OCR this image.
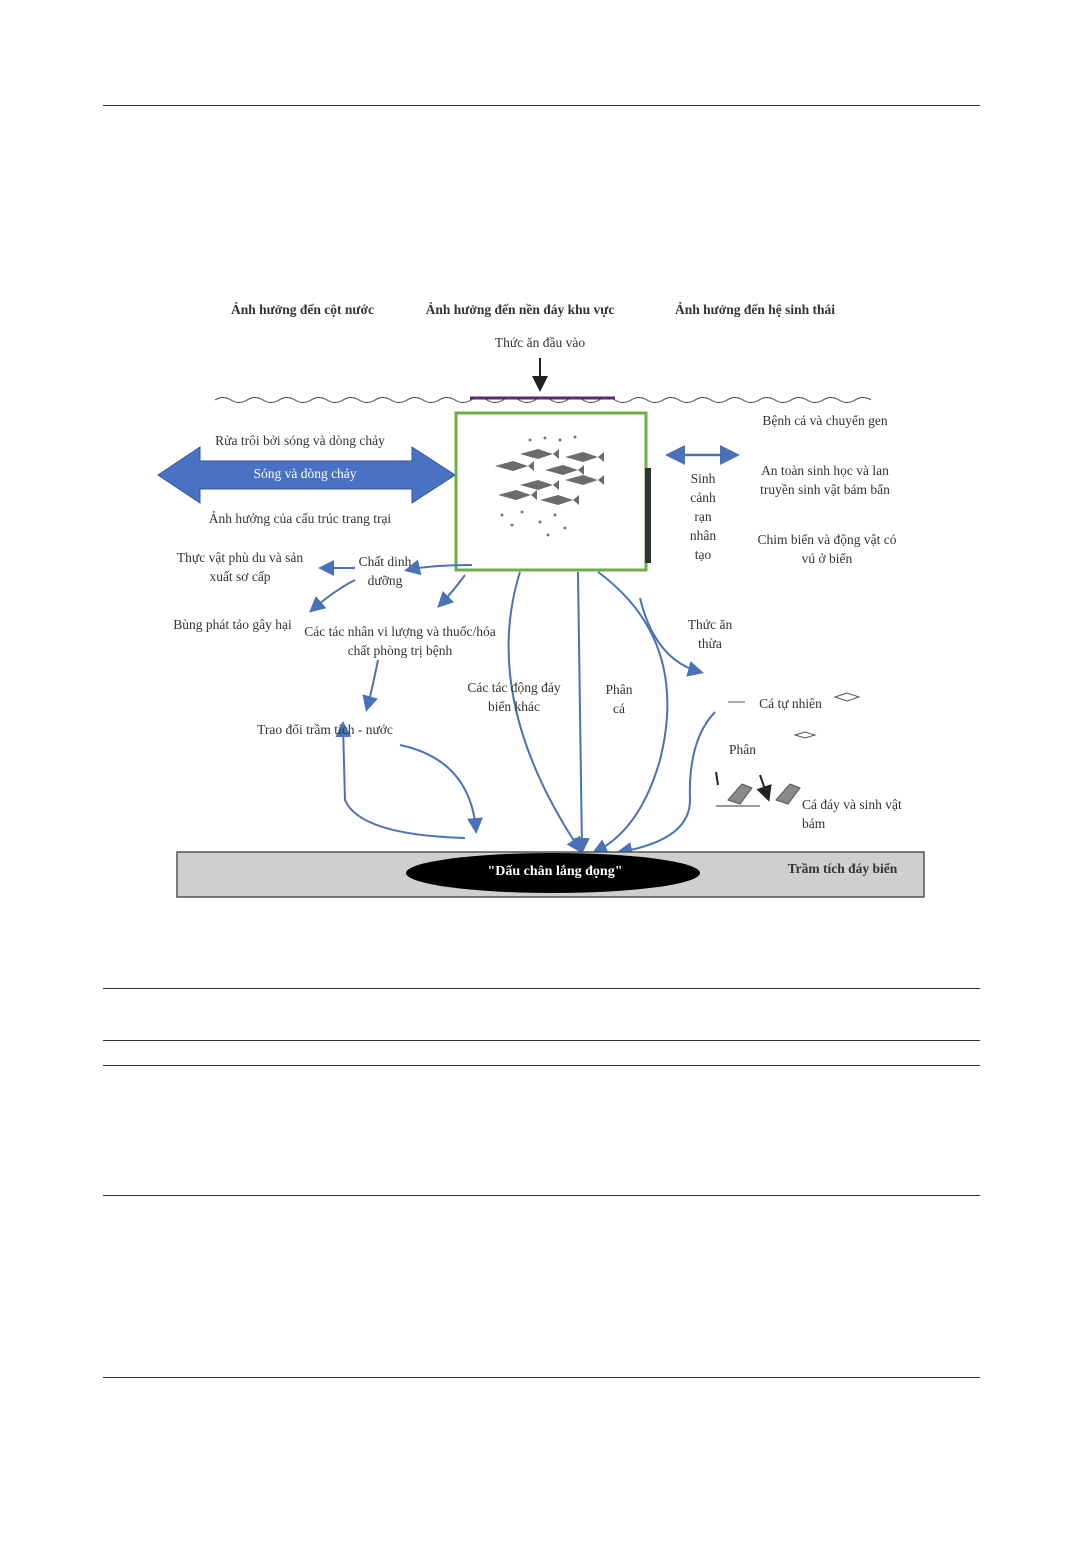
Ảnh hưởng đến cột nước	Ảnh hưởng đến nền đáy khu vực	Ảnh hưởng đến hệ sinh thái
Thức ăn đầu vào
Rửa trôi bởi sóng và dòng chảy
Sóng và dòng chảy
Ảnh hưởng của cấu trúc trang trại
Chất dinh dưỡng
Thực vật phù du và sản xuất sơ cấp
Bùng phát tảo gây hại Các tác nhân vi lượng và thuốc/hóa chất phòng trị bệnh
Trao đổi trầm tích - nước
Các tác động đáy biển khác
Phân cá
Thức ăn thừa
Sinh cảnh rạn nhân tạo
Bệnh cá và chuyển gen
An toàn sinh học và lan truyền sinh vật bám bẩn
Chim biển và động vật có vú ở biển
Cá tự nhiên
Phân
Cá đáy và sinh vật bám
"Dấu chân lắng đọng"	Trầm tích đáy biển
